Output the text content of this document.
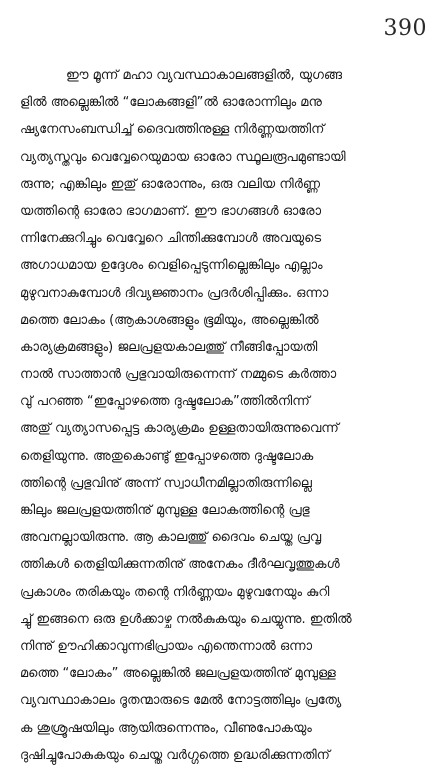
390
ഈ മൂന്ന് മഹാ വ്യവസ്ഥാകാലങ്ങളിൽ, യുഗങ്ങ
ളിൽ അല്ലെങ്കിൽ “ലോകങ്ങളി”ൽ ഓരോന്നിലും മനു
ഷ്യനേസംബന്ധിച്ച് ദൈവത്തിനുള്ള നിർണ്ണയത്തിന്
വ്യത്യസ്തവും വെവ്വേറെയുമായ ഓരോ സ്ഥൂലരൂപമുണ്ടായി
രുന്നു; എങ്കിലും ഇതു് ഓരോന്നും, ഒരു വലിയ നിർണ്ണ
യത്തിന്റെ ഓരോ ഭാഗമാണ്. ഈ ഭാഗങ്ങൾ ഓരോ
ന്നിനേക്കുറിച്ചും വെവ്വേറെ ചിന്തിക്കുമ്പോൾ അവയുടെ
അഗാധമായ ഉദ്ദേശം വെളിപ്പെടുന്നില്ലെങ്കിലും എല്ലാം
മുഴുവനാകുമ്പോൾ ദിവ്യജ്ഞാനം പ്രദർശിപ്പിക്കും. ഒന്നാ
മത്തെ ലോകം (ആകാശങ്ങളും ഭൂമിയും, അല്ലെങ്കിൽ
കാര്യക്രമങ്ങളും) ജലപ്രളയകാലത്തു് നീങ്ങിപ്പോയതി
നാൽ സാത്താൻ പ്രഭുവായിരുന്നെന്ന് നമ്മുടെ കർത്താ
വു് പറഞ്ഞ “ഇപ്പോഴത്തെ ദുഷ്ടലോക”ത്തിൽനിന്ന്
അതു് വ്യത്യാസപ്പെട്ട കാര്യക്രമം ഉള്ളതായിരുന്നുവെന്ന്
തെളിയുന്നു. അതുകൊണ്ടു് ഇപ്പോഴത്തെ ദുഷ്ടലോക
ത്തിന്റെ പ്രഭുവിനു് അന്ന് സ്വാധീനമില്ലാതിരുന്നില്ലെ
ങ്കിലും ജലപ്രളയത്തിനു് മുമ്പുള്ള ലോകത്തിന്റെ പ്രഭു
അവനല്ലായിരുന്നു. ആ കാലത്തു് ദൈവം ചെയ്ത പ്രവൃ
ത്തികൾ തെളിയിക്കുന്നതിനു് അനേകം ദീർഘവൃത്തുകൾ
പ്രകാശം തരികയും തന്റെ നിർണ്ണയം മുഴുവനേയും കുറി
ച്ചു് ഇങ്ങനെ ഒരു ഉൾക്കാഴ്ച നൽകുകയും ചെയ്യുന്നു. ഇതിൽ
നിന്നു് ഊഹിക്കാവുന്നഭിപ്രായം എന്തെന്നാൽ ഒന്നാ
മത്തെ “ലോകം” അല്ലെങ്കിൽ ജലപ്രളയത്തിനു് മുമ്പുള്ള
വ്യവസ്ഥാകാലം ദൂതന്മാരുടെ മേൽ നോട്ടത്തിലും പ്രത്യേ
ക ശുശ്രൂഷയിലും ആയിരുന്നെന്നും, വീണുപോകയും
ദുഷിച്ചുപോകുകയും ചെയ്ത വർഗ്ഗത്തെ ഉദ്ധരിക്കുന്നതിന്
